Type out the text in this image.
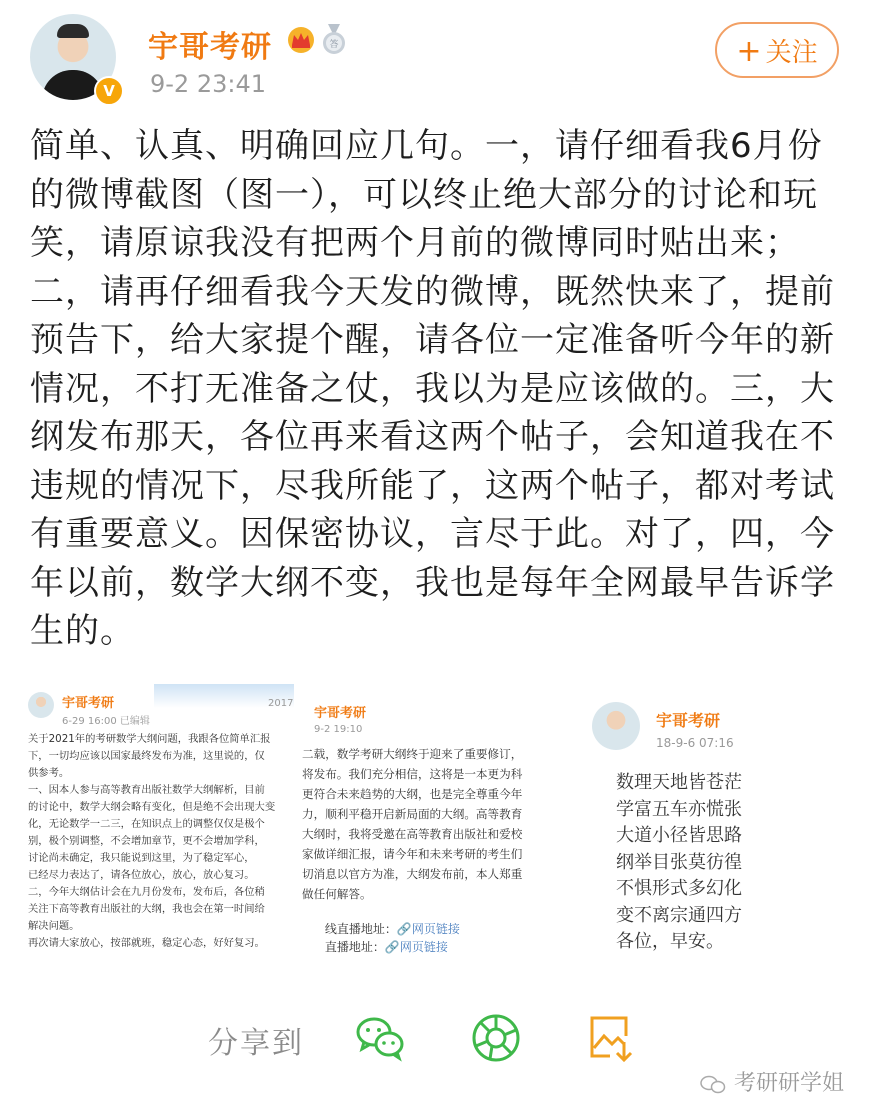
V
宇哥考研	答
9-2 23:41
+ 关注
简单、认真、明确回应几句。一，请仔细看我6月份的微博截图（图一），可以终止绝大部分的讨论和玩笑，请原谅我没有把两个月前的微博同时贴出来；二，请再仔细看我今天发的微博，既然快来了，提前预告下，给大家提个醒，请各位一定准备听今年的新情况，不打无准备之仗，我以为是应该做的。三，大纲发布那天，各位再来看这两个帖子，会知道我在不违规的情况下，尽我所能了，这两个帖子，都对考试有重要意义。因保密协议，言尽于此。对了，四，今年以前，数学大纲不变，我也是每年全网最早告诉学生的。
宇哥考研
6-29 16:00 已编辑
2017
关于2021年的考研数学大纲问题，我跟各位简单汇报
下，一切均应该以国家最终发布为准，这里说的，仅
供参考。
一、因本人参与高等教育出版社数学大纲解析，目前
的讨论中，数学大纲会略有变化，但是绝不会出现大变
化，无论数学一二三，在知识点上的调整仅仅是极个
别，极个别调整，不会增加章节，更不会增加学科，
讨论尚未确定，我只能说到这里，为了稳定军心，
已经尽力表达了，请各位放心，放心，放心复习。
二，今年大纲估计会在九月份发布，发布后，各位稍
关注下高等教育出版社的大纲，我也会在第一时间给
解决问题。
再次请大家放心，按部就班，稳定心态，好好复习。
宇哥考研
9-2 19:10
二载，数学考研大纲终于迎来了重要修订，
将发布。我们充分相信，这将是一本更为科
更符合未来趋势的大纲，也是完全尊重今年
力，顺利平稳开启新局面的大纲。高等教育
大纲时，我将受邀在高等教育出版社和爱校
家做详细汇报，请今年和未来考研的考生们
切消息以官方为准，大纲发布前，本人郑重
做任何解答。

线直播地址：🔗网页链接

直播地址：🔗网页链接

宇哥考研
18-9-6 07:16
数理天地皆苍茫
学富五车亦慌张
大道小径皆思路
纲举目张莫彷徨
不惧形式多幻化
变不离宗通四方
各位，早安。
分享到
考研研学姐
